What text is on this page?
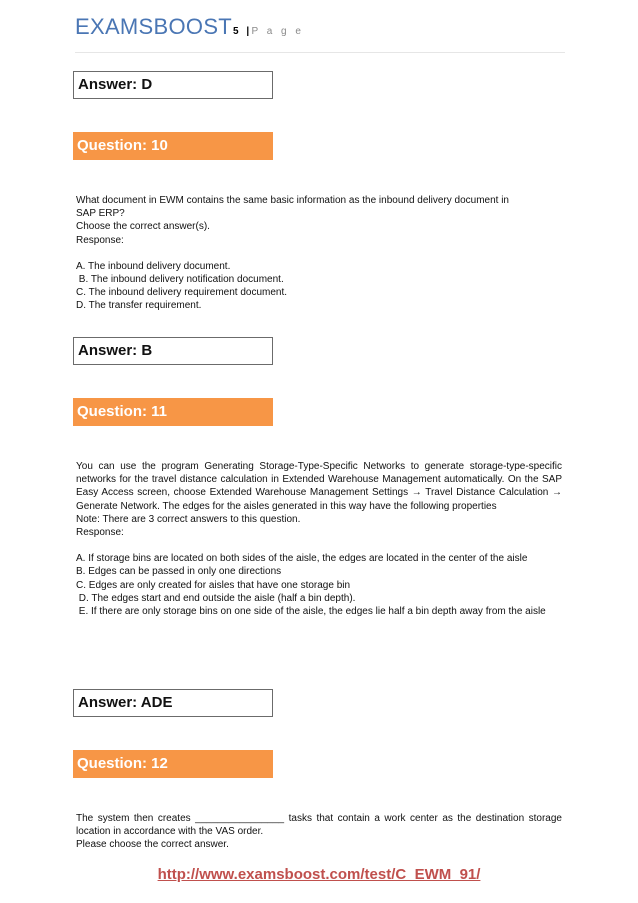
EXAMSBOOST5 | P a g e
Answer: D
Question: 10

What document in EWM contains the same basic information as the inbound delivery document in

SAP ERP?

Choose the correct answer(s).

Response:

A. The inbound delivery document.

B. The inbound delivery notification document.

C. The inbound delivery requirement document.

D. The transfer requirement.

Answer: B
Question: 11

You can use the program Generating Storage-Type-Specific Networks to generate storage-type-specific networks for the travel distance calculation in Extended Warehouse Management automatically. On the SAP Easy Access screen, choose Extended Warehouse Management Settings → Travel Distance Calculation → Generate Network. The edges for the aisles generated in this way have the following properties

Note: There are 3 correct answers to this question.

Response:

A. If storage bins are located on both sides of the aisle, the edges are located in the center of the aisle

B. Edges can be passed in only one directions

C. Edges are only created for aisles that have one storage bin

D. The edges start and end outside the aisle (half a bin depth).

E. If there are only storage bins on one side of the aisle, the edges lie half a bin depth away from the aisle

Answer: ADE
Question: 12

The system then creates ________________ tasks that contain a work center as the destination storage location in accordance with the VAS order.

Please choose the correct answer.

http://www.examsboost.com/test/C_EWM_91/
